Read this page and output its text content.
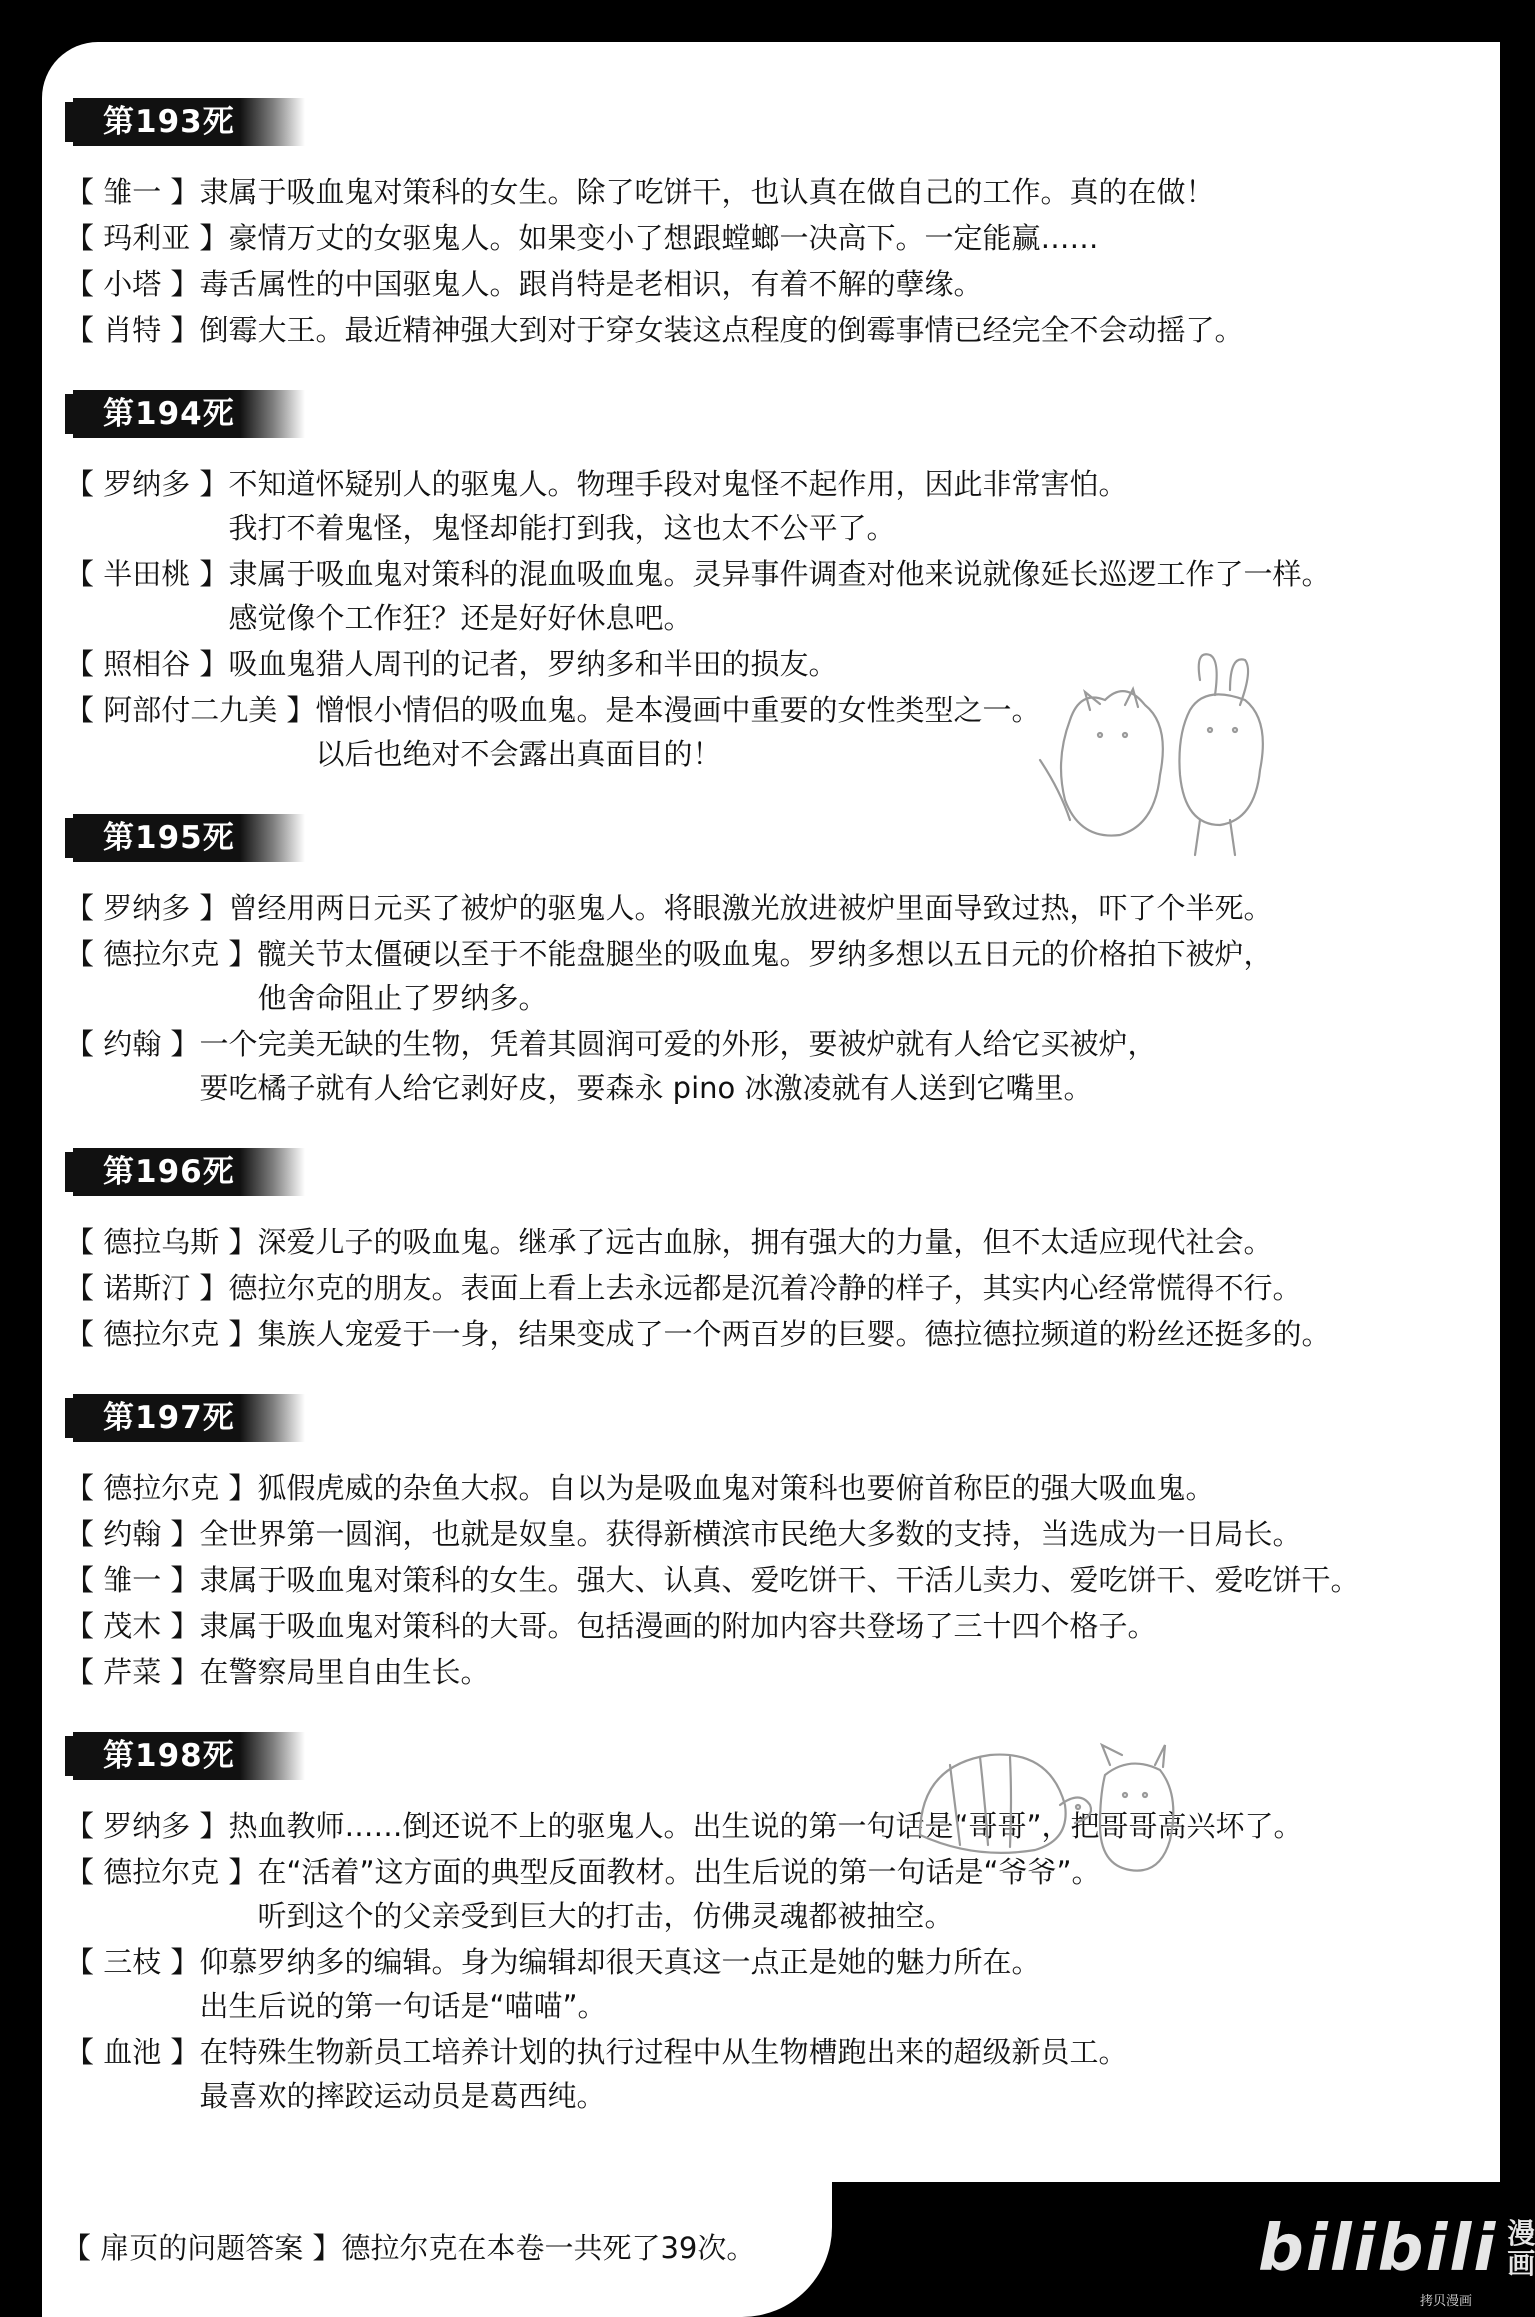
第193死
【 雏一 】 隶属于吸血鬼对策科的女生。除了吃饼干，也认真在做自己的工作。真的在做！
【 玛利亚 】 豪情万丈的女驱鬼人。如果变小了想跟螳螂一决高下。一定能赢……
【 小塔 】 毒舌属性的中国驱鬼人。跟肖特是老相识，有着不解的孽缘。
【 肖特 】 倒霉大王。最近精神强大到对于穿女装这点程度的倒霉事情已经完全不会动摇了。
第194死
【 罗纳多 】 不知道怀疑别人的驱鬼人。物理手段对鬼怪不起作用，因此非常害怕。
我打不着鬼怪，鬼怪却能打到我，这也太不公平了。
【 半田桃 】 隶属于吸血鬼对策科的混血吸血鬼。灵异事件调查对他来说就像延长巡逻工作了一样。
感觉像个工作狂？还是好好休息吧。
【 照相谷 】 吸血鬼猎人周刊的记者，罗纳多和半田的损友。
【 阿部付二九美 】 憎恨小情侣的吸血鬼。是本漫画中重要的女性类型之一。
以后也绝对不会露出真面目的！
第195死
【 罗纳多 】 曾经用两日元买了被炉的驱鬼人。将眼激光放进被炉里面导致过热，吓了个半死。
【 德拉尔克 】 髋关节太僵硬以至于不能盘腿坐的吸血鬼。罗纳多想以五日元的价格拍下被炉，
他舍命阻止了罗纳多。
【 约翰 】 一个完美无缺的生物，凭着其圆润可爱的外形，要被炉就有人给它买被炉，
要吃橘子就有人给它剥好皮，要森永 pino 冰激凌就有人送到它嘴里。
第196死
【 德拉乌斯 】 深爱儿子的吸血鬼。继承了远古血脉，拥有强大的力量，但不太适应现代社会。
【 诺斯汀 】 德拉尔克的朋友。表面上看上去永远都是沉着冷静的样子，其实内心经常慌得不行。
【 德拉尔克 】 集族人宠爱于一身，结果变成了一个两百岁的巨婴。德拉德拉频道的粉丝还挺多的。
第197死
【 德拉尔克 】 狐假虎威的杂鱼大叔。自以为是吸血鬼对策科也要俯首称臣的强大吸血鬼。
【 约翰 】 全世界第一圆润，也就是奴皇。获得新横滨市民绝大多数的支持，当选成为一日局长。
【 雏一 】 隶属于吸血鬼对策科的女生。强大、认真、爱吃饼干、干活儿卖力、爱吃饼干、爱吃饼干。
【 茂木 】 隶属于吸血鬼对策科的大哥。包括漫画的附加内容共登场了三十四个格子。
【 芹菜 】 在警察局里自由生长。
第198死
【 罗纳多 】 热血教师……倒还说不上的驱鬼人。出生说的第一句话是“哥哥”，把哥哥高兴坏了。
【 德拉尔克 】 在“活着”这方面的典型反面教材。出生后说的第一句话是“爷爷”。
听到这个的父亲受到巨大的打击，仿佛灵魂都被抽空。
【 三枝 】 仰慕罗纳多的编辑。身为编辑却很天真这一点正是她的魅力所在。
出生后说的第一句话是“喵喵”。
【 血池 】 在特殊生物新员工培养计划的执行过程中从生物槽跑出来的超级新员工。
最喜欢的摔跤运动员是葛西纯。
【 扉页的问题答案 】德拉尔克在本卷一共死了39次。	bilibili 漫
画
拷贝漫画
